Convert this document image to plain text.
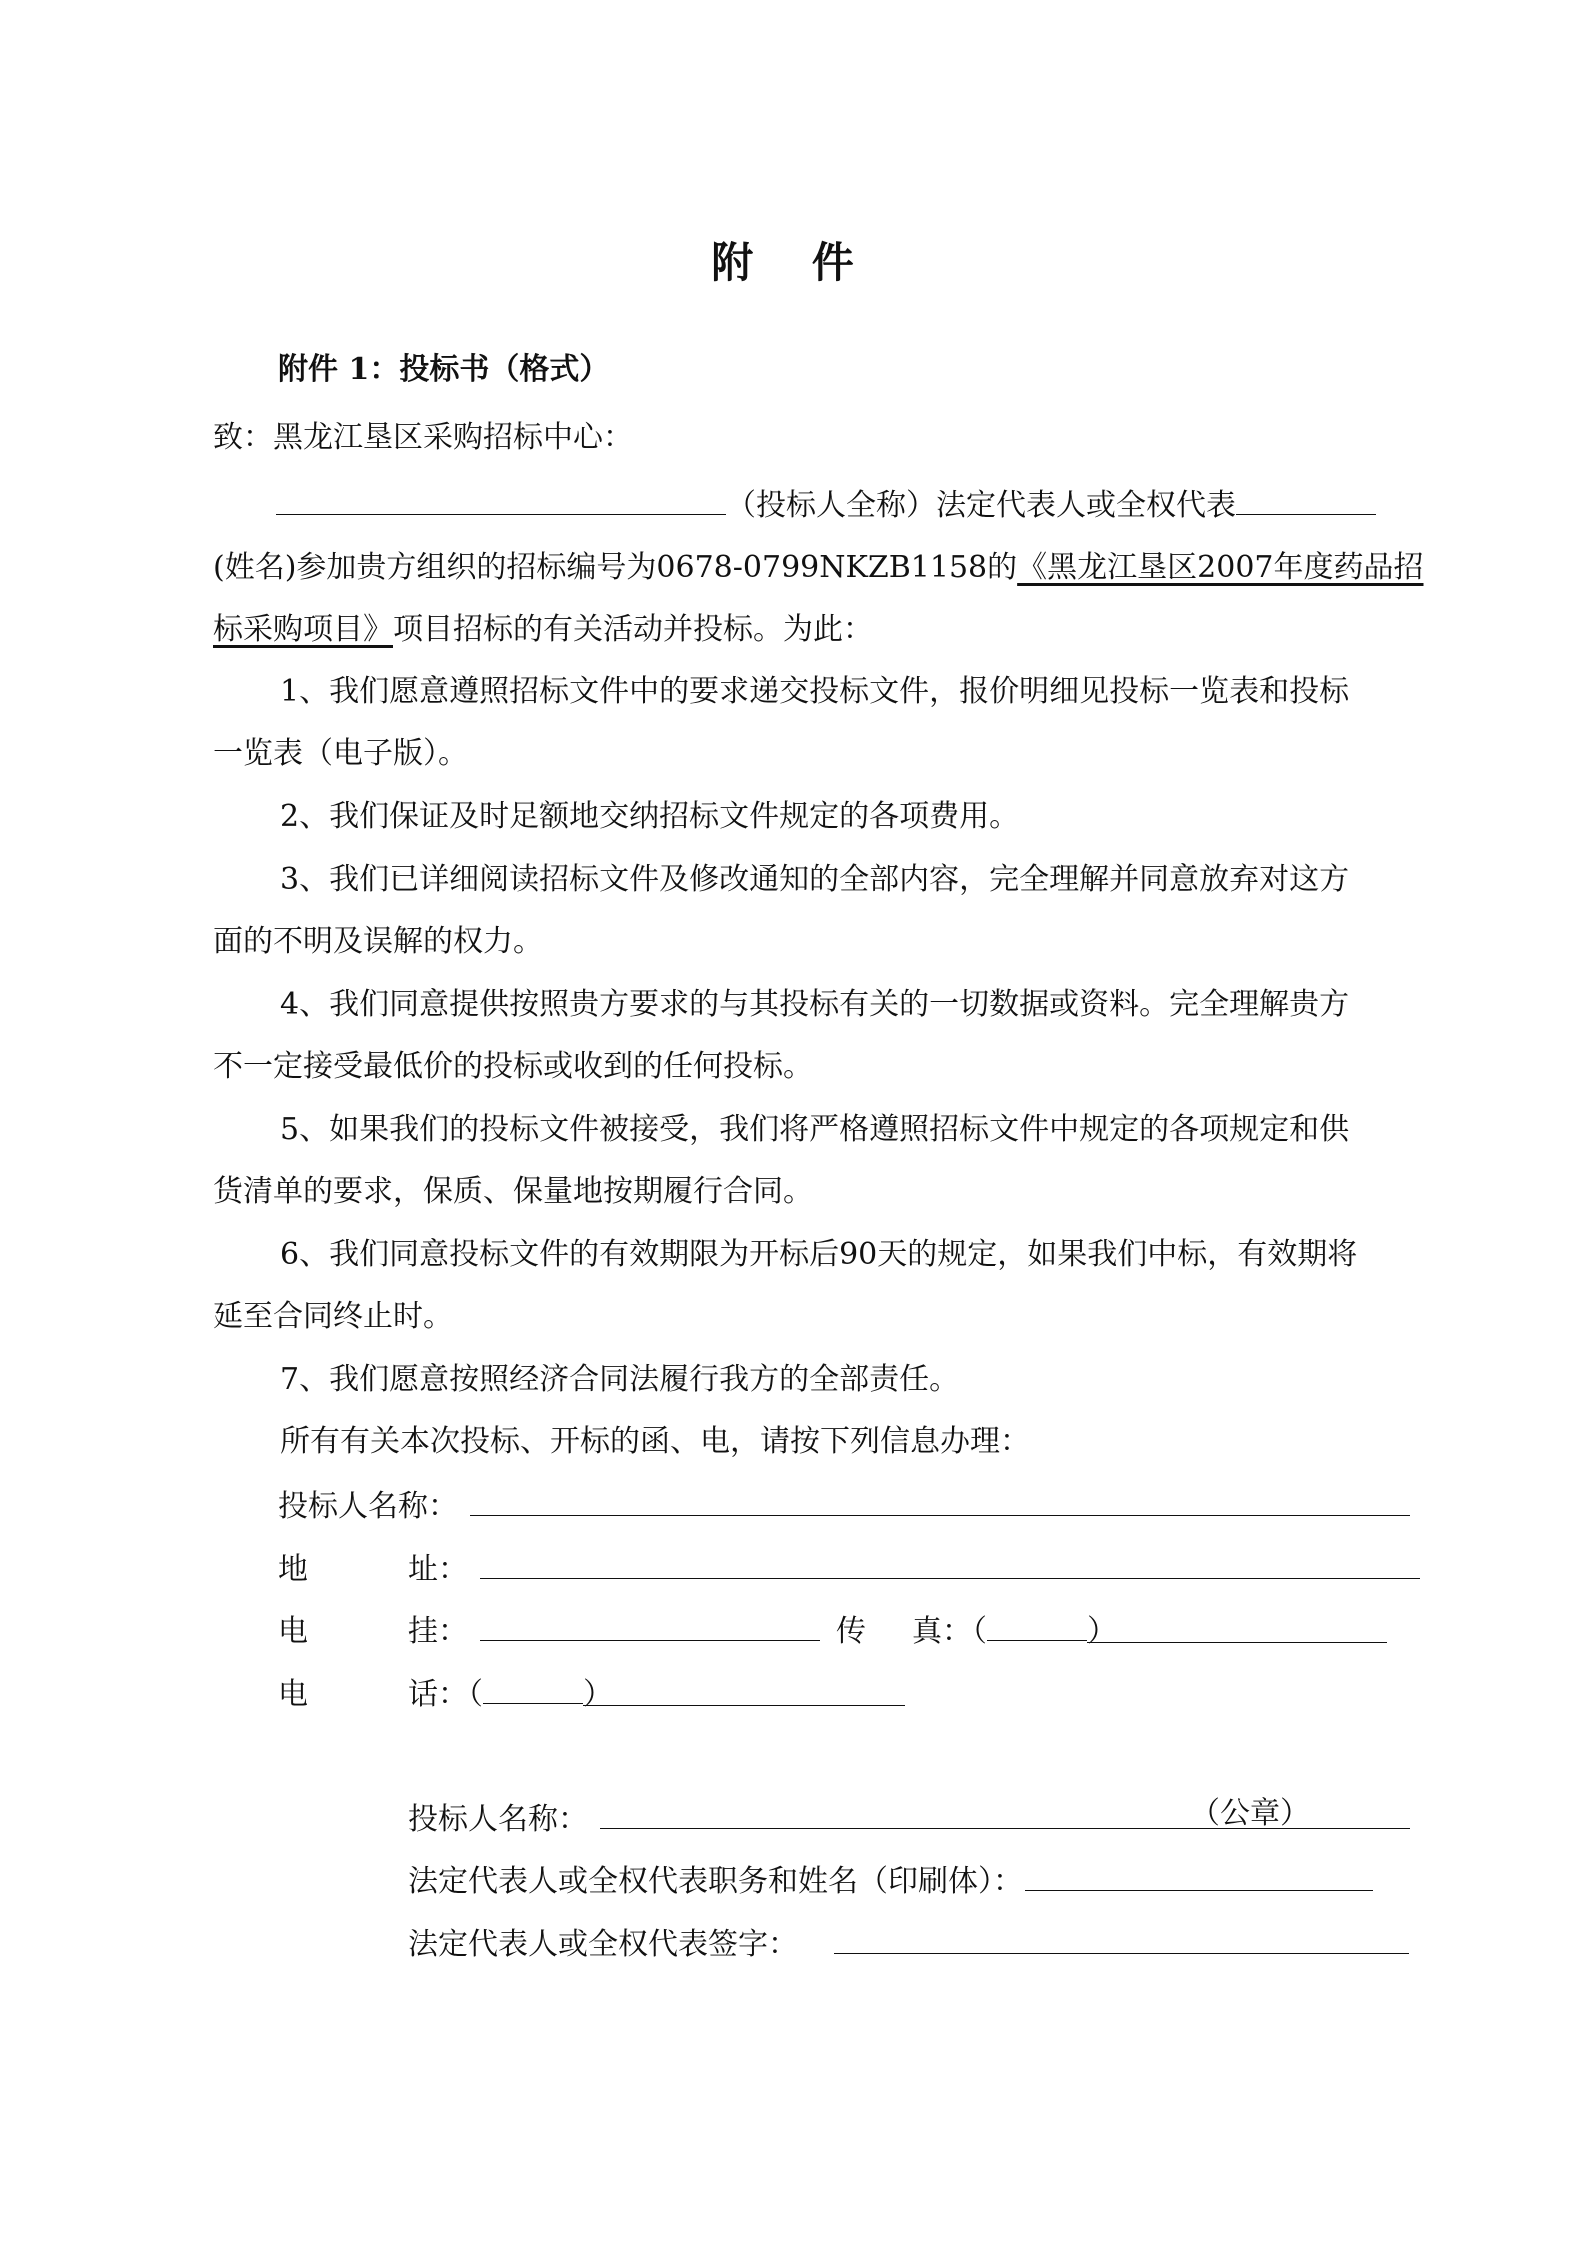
附 件
附件 1：投标书（格式）
致：黑龙江垦区采购招标中心：
（投标人全称）法定代表人或全权代表
(姓名)参加贵方组织的招标编号为0678-0799NKZB1158的《黑龙江垦区2007年度药品招
标采购项目》项目招标的有关活动并投标。为此：
1、我们愿意遵照招标文件中的要求递交投标文件，报价明细见投标一览表和投标
一览表（电子版）。
2、我们保证及时足额地交纳招标文件规定的各项费用。
3、我们已详细阅读招标文件及修改通知的全部内容，完全理解并同意放弃对这方
面的不明及误解的权力。
4、我们同意提供按照贵方要求的与其投标有关的一切数据或资料。完全理解贵方
不一定接受最低价的投标或收到的任何投标。
5、如果我们的投标文件被接受，我们将严格遵照招标文件中规定的各项规定和供
货清单的要求，保质、保量地按期履行合同。
6、我们同意投标文件的有效期限为开标后90天的规定，如果我们中标，有效期将
延至合同终止时。
7、我们愿意按照经济合同法履行我方的全部责任。
所有有关本次投标、开标的函、电，请按下列信息办理：
投标人名称：
地	址：
电	挂：	传 真：（	）
电	话：（	）
投标人名称：	（公章）
法定代表人或全权代表职务和姓名（印刷体）：
法定代表人或全权代表签字：
